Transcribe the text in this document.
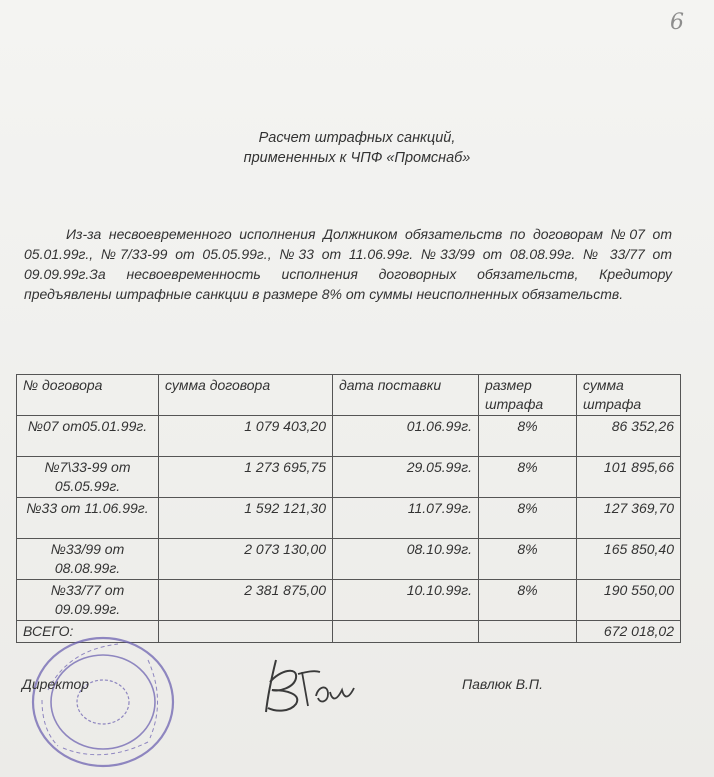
6
Расчет штрафных санкций,
примененных к ЧПФ «Промснаб»
Из-за несвоевременного исполнения Должником обязательств по договорам №07 от 05.01.99г., №7/33-99 от 05.05.99г., №33 от 11.06.99г. №33/99 от 08.08.99г. № 33/77 от 09.09.99г.За несвоевременность исполнения договорных обязательств, Кредитору предъявлены штрафные санкции в размере 8% от суммы неисполненных обязательств.
№ договора	сумма договора	дата поставки	размер штрафа	сумма штрафа
№07 от05.01.99г.	1 079 403,20	01.06.99г.	8%	86 352,26
№7\33-99 от 05.05.99г.	1 273 695,75	29.05.99г.	8%	101 895,66
№33 от 11.06.99г.	1 592 121,30	11.07.99г.	8%	127 369,70
№33/99 от 08.08.99г.	2 073 130,00	08.10.99г.	8%	165 850,40
№33/77 от 09.09.99г.	2 381 875,00	10.10.99г.	8%	190 550,00
ВСЕГО:				672 018,02
Директор	Павлюк В.П.
